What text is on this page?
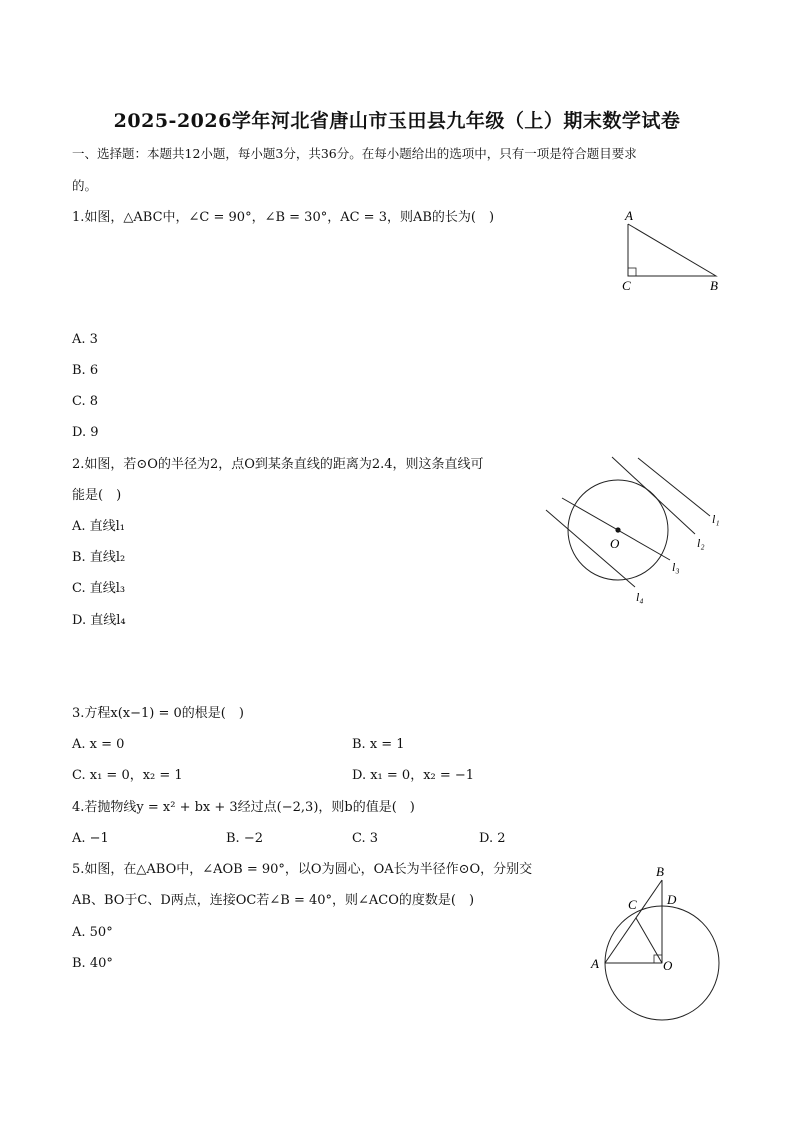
2025-2026学年河北省唐山市玉田县九年级（上）期末数学试卷
一、选择题：本题共12小题，每小题3分，共36分。在每小题给出的选项中，只有一项是符合题目要求
的。
1.如图，△ABC中，∠C = 90°，∠B = 30°，AC = 3，则AB的长为(　)
A. 3
B. 6
C. 8
D. 9
A
C	B
2.如图，若⊙O的半径为2，点O到某条直线的距离为2.4，则这条直线可
能是(　)
A. 直线l₁
B. 直线l₂
C. 直线l₃
D. 直线l₄
O
l₁
l₂
l₃
l₄
3.方程x(x−1) = 0的根是(　)
A. x = 0	B. x = 1
C. x₁ = 0，x₂ = 1	D. x₁ = 0，x₂ = −1
4.若抛物线y = x² + bx + 3经过点(−2,3)，则b的值是(　)
A. −1	B. −2	C. 3	D. 2
5.如图，在△ABO中，∠AOB = 90°，以O为圆心，OA长为半径作⊙O，分别交
AB、BO于C、D两点，连接OC若∠B = 40°，则∠ACO的度数是(　)
A. 50°
B. 40°
B
D
C
A	O
